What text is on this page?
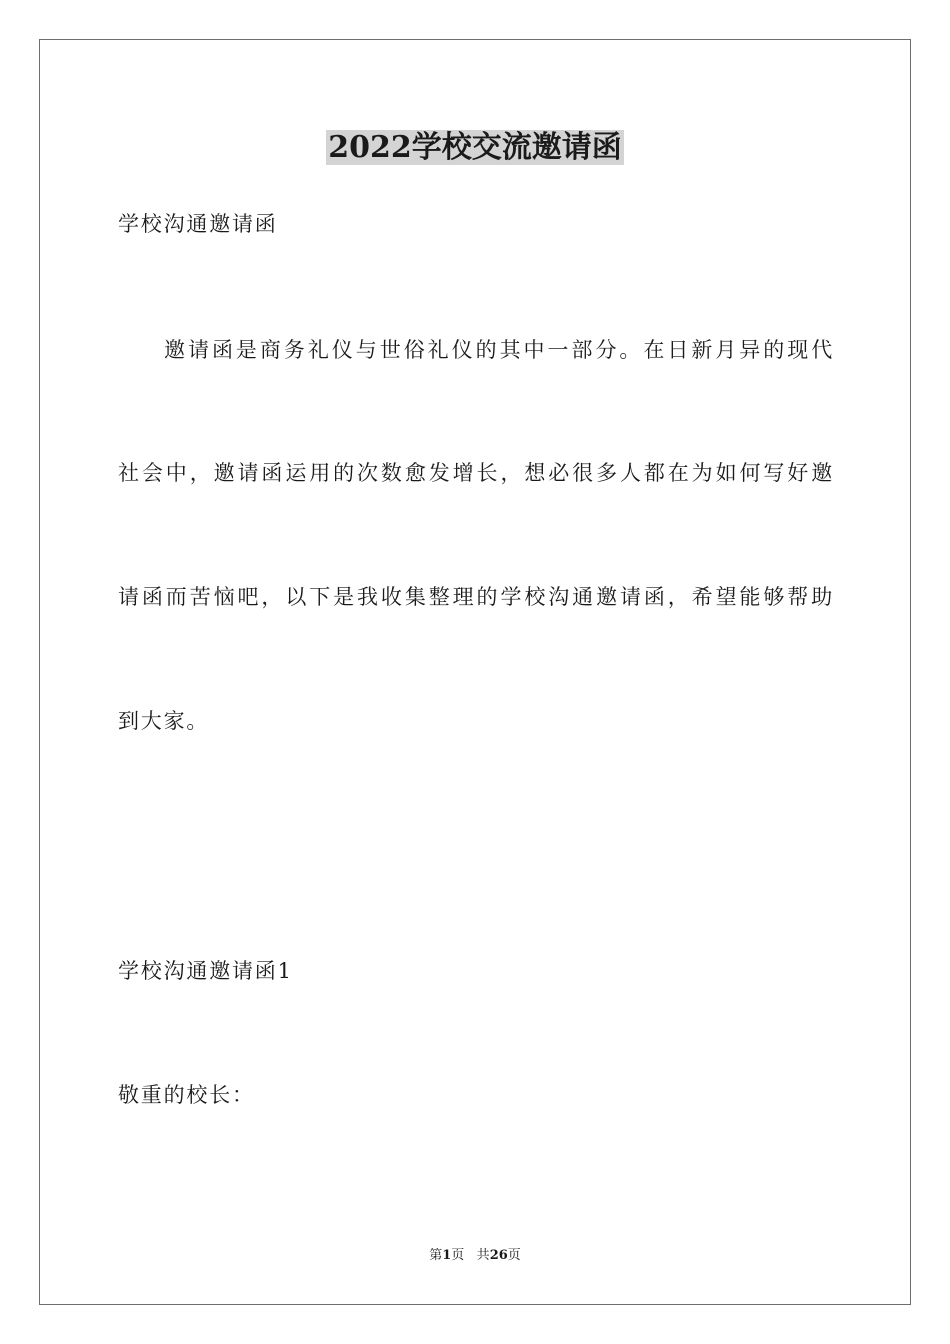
2022学校交流邀请函

学校沟通邀请函

邀请函是商务礼仪与世俗礼仪的其中一部分。在日新月异的现代

社会中，邀请函运用的次数愈发增长，想必很多人都在为如何写好邀

请函而苦恼吧，以下是我收集整理的学校沟通邀请函，希望能够帮助

到大家。

学校沟通邀请函1

敬重的校长：

第1页 共26页
